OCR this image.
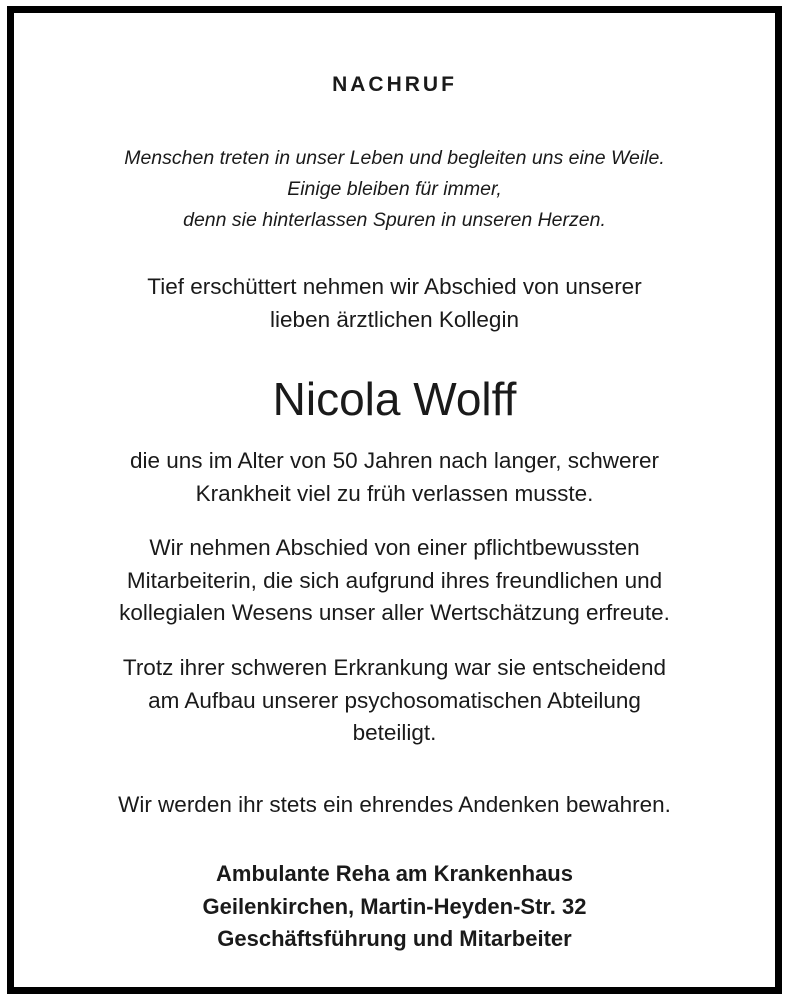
NACHRUF
Menschen treten in unser Leben und begleiten uns eine Weile.
Einige bleiben für immer,
denn sie hinterlassen Spuren in unseren Herzen.
Tief erschüttert nehmen wir Abschied von unserer
lieben ärztlichen Kollegin
Nicola Wolff
die uns im Alter von 50 Jahren nach langer, schwerer
Krankheit viel zu früh verlassen musste.
Wir nehmen Abschied von einer pflichtbewussten
Mitarbeiterin, die sich aufgrund ihres freundlichen und
kollegialen Wesens unser aller Wertschätzung erfreute.
Trotz ihrer schweren Erkrankung war sie entscheidend
am Aufbau unserer psychosomatischen Abteilung
beteiligt.
Wir werden ihr stets ein ehrendes Andenken bewahren.
Ambulante Reha am Krankenhaus
Geilenkirchen, Martin-Heyden-Str. 32
Geschäftsführung und Mitarbeiter
